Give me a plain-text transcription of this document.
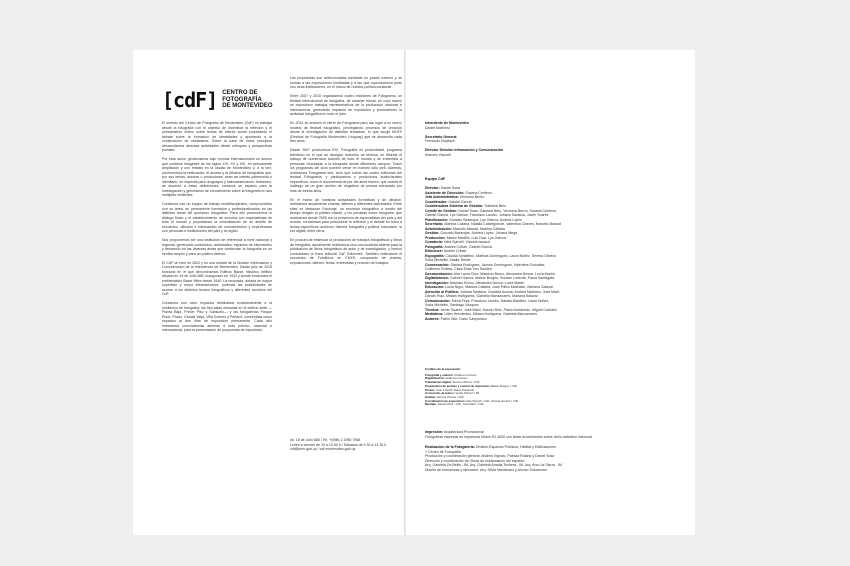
[cdF] CENTRO DE
FOTOGRAFÍA
DE MONTEVIDEO

El sentido del Centro de Fotografía de Montevideo (CdF) es trabajar desde la fotografía con el objetivo de incentivar la reflexión y el pensamiento crítico sobre temas de interés social propiciando el debate sobre la formación de identidades y aportando a la construcción de ciudadanía. Sobre la base de estos principios desarrollamos diversas actividades desde enfoques y perspectivas plurales.

Por esta razón, gestionamos bajo normas internacionales un acervo que contiene imágenes de los siglos XIX, XX y XXI, en permanente ampliación y con énfasis en la ciudad de Montevideo y, a la vez, promovemos la realización, el acceso y la difusión de fotografías que, por sus temas, autores o productores, sean de interés patrimonial e identitario, en especial para uruguayos y latinoamericanos. Asimismo, de acuerdo a estas definiciones, creamos un espacio para la investigación y generación de conocimiento sobre la fotografía en sus múltiples vertientes.

Contamos con un equipo de trabajo multidisciplinario, comprometido con su tarea, en permanente formación y profesionalización en las distintas áreas del quehacer fotográfico. Para ello promovemos el diálogo fluido y el establecimiento de vínculos con especialistas de todo el mundo y propiciamos la consolidación de un ámbito de encuentro, difusión e intercambio de conocimientos y experiencias con personas e instituciones del país y la región.

Nos proponemos ser una institución de referencia a nivel nacional y regional, generando contenidos, actividades, espacios de intercambio y desarrollo en las diversas áreas que conforman la fotografía en un sentido amplio y para un público diverso.

El CdF se creó en 2002 y es una unidad de la División Información y Comunicación de la Intendencia de Montevideo. Desde julio de 2015 funciona en el que denominamos Edificio Bazar, histórico edificio situado en 18 de Julio 885, inaugurado en 1932 y donde funcionara el emblemático Bazar Mitre desde 1940. La renovada, dotada de mayor superficie y mejor infraestructura, potencia las posibilidades de acceso a los distintos fondos fotográficos y diferentes servicios del CdF.

Contamos con ocho espacios destinados exclusivamente a la exhibición de fotografía: las tres salas ubicadas en el edificio sede —Planta Baja, Primer Piso y Subsuelo— y las fotogalerías Parque Rodó, Prado, Ciudad Vieja, Villa Dolores y Peñarol, concebidas como espacios al aire libre de exposición permanente. Cada año realizamos convocatorias abiertas a todo público, nacional e internacional, para la presentación de propuestas de exposición.

Las propuestas son seleccionadas mediante un jurado externo y se suman a las exposiciones ineditadas y a las que coproducimos junto con otras instituciones, en el marco de nuestra política curatorial.

Entre 2007 y 2015 organizamos cuatro ediciones de Fotograma, un festival internacional de fotografía, de carácter bienal, en cuyo marco se expusieron trabajos representativos de la producción nacional e internacional, generando espacios de exposición y promoviendo la actividad fotográfica en todo el país.

En 2014 se anunció el cierre de Fotograma para dar lugar a un nuevo modelo de festival fotográfico, privilegiando procesos de creación desde la investigación de distintas temáticas, lo que surgió MUFF (Festival de Fotografía Montevideo Uruguay) que se desarrolla cada tres años.

Desde 2007 producimos fOZ, Fotografía en profundidad, programa televisivo en el que se divulgan nociones de técnica, se difunde el trabajo de numerosos autores de todo el mundo y se entrevista a personas vinculadas a la fotografía desde diferentes campos. Todos los programas del ciclo pueden verse en nuestro sitio web. Además, realizamos Fotograma text, ciclo que cubrió las cuatro ediciones del festival Fotograma, y participamos y producimos audiovisuales específicos, como el documental de por del árbol blanco, que cuenta el hallazgo de un gran archivo de negativos de prensa extraviado por más de treinta años.

En el marco de nuestras actividades formativas y de difusión, realizamos anualmente charlas, talleres y diferentes actividades. Entre ellas se destacan Fotoviaje, un recorrido fotográfico a través del tiempo dirigido al público infantil, y los jornadas sobre fotografía, que realizamos desde 2005 con la presencia de especialistas del país y del mundo, concebidas para profundizar la reflexión y el debate en torno a temas específicos: archivos, historia, fotografía y política, educación, la era digital, entre otros.

En procura de estimular la producción de trabajos fotográficos y libros de fotografía, anualmente realizamos una convocatoria abierta para la publicación de libros fotográficos de autor y de investigación, y hemos consolidado la línea editorial CdF Ediciones. También realizamos el encuentro de Fotolibros en CMYK, compuesto de charlas, exposiciones, talleres, ferias, entrevistas y revisión de trabajos.

Av. 18 de Julio 885 / Tel. +(598) 2 1950 7968
Lunes a viernes de 10 a 19.30 h / Sábados de 9.30 a 14.30 h
cdf@imm.gub.uy / cdf.montevideo.gub.uy
Intendente de Montevideo
Daniel Martínez
Secretario General
Fernando Nopitsch
Director División Información y Comunicación
Marcelo Visconti
Equipo CdF
Director: Daniel Sosa
Asistente de Dirección: Susana Centeno
Jefa Administrativa: Verónica Berrío
Coordinador: Gabriel García
Coordinadora Sistema de Gestión: Gabriela Belo
Comité de Gestión: Daniel Sosa, Gabriela Belo, Verónica Berrío, Susana Centeno,
Gabriel García, Lys Gainza, Francisco Landro, Johana Santana, Javier Suárez
Planificación: Gonzalo Bazerque, Lys Gainza, Andrea López
Secretaría: Martina Callaba, Natalia Castelgrande, Valentina Chaves, Marcelo Mawad
Administración: Marcelo Mawad, Martina Callaba
Gestión: Gonzalo Bazerque, Andrea López, Johana Mega
Producción: Mauro Martiño, Luis Díaz, Lys Gainza
Curaduría: Héla Spinelli, Victoria Ismach
Fotografía: Andrés Cribari, Gabriel García
Ediciones: Andrés Cribari
Espografía: Claudia Schiaffino, Mathías Dominguez, Laura Núñez, Serena Olivera,
Sofía Michelini, Nadia Terkiel
Conservación: Sandra Rodríguez, Jazmín Domínguez, Valentina González,
Guillermo Robles, Clara Elías Von Sanden
Documentación: Ana Laura Cirio, Mauricio Bruno, Alexandra Nóvoa, Lucía Martín
Digitalización: Gabriel García, Maisor Borges, Horacio Loriente, Paula Santagata
Investigación: Mauricio Bruno, Alexandra Nóvoa, Lucía Martín
Educación: Lucía Nigro, Martina Callaba, Juan Pablo Machado, Mariana Salazar
Atención al Público: Johana Santana, Graciela Acosta, Andrea Martínez, José Martí,
Darwin Ruiz, Miriam Hortiguera, Gabriela Manzanares, Mariana Salazar
Comunicación: Elena Feys, Francisco Landro, Natalia Mardero, Laura Núñez,
Sofía Michelini, Santiago Vázquez
Técnica: Javier Suárez, José Martí, Darwin Ruiz, Pablo Arredondo, Miguel Carballo
Mediateca: Lilián Hernández, Miriam Hortiguera, Gabriela Manzanares
Autores: Pablo Tate, Dario Campulano
Créditos de la exposición:
Fotografía y edición: Guillermo Franco
Digitalización: Guillermo Franco
Tratamiento digital: Serena Olivera / CdF
Preparación de archivo y control de impresión: Maisor Borges / CdF
Textos: Juan Franelli, Mario Paulinelli
Corrección de textos: Verba Parisini / IM
Gráfica: Serena Olivera / CdF
Coordinación de exposición: Héla Spinelli / CdF, Victoria Ismach / CdF
Montaje: Darwin Ruiz / CdF, José Martí / CdF
Impresión: Arquitectura Promocional
Fotografías impresas en impresora Mutoh RJ 4000 con tintas ecosolventes sobre vinilo adhesivo Intercoat.
Realización de la Fotogalería: División Espacios Públicos, Hábitat y Edificaciones
+ Centro de Fotografía
Producción y coordinación general: Andrea Vignolo, Patricia Roland y Daniel Sosa
Dirección y coordinación de Obras de implantación del espacio:
Arq. Gabriela De Bellis - IM, Arq. Gabriela Anadia Techera - IM, Arq. Ana Lía Sierra - IM
Diseño de estructuras y ejecución: Arq. Silvia Mansicano y Alonso Soluciones
